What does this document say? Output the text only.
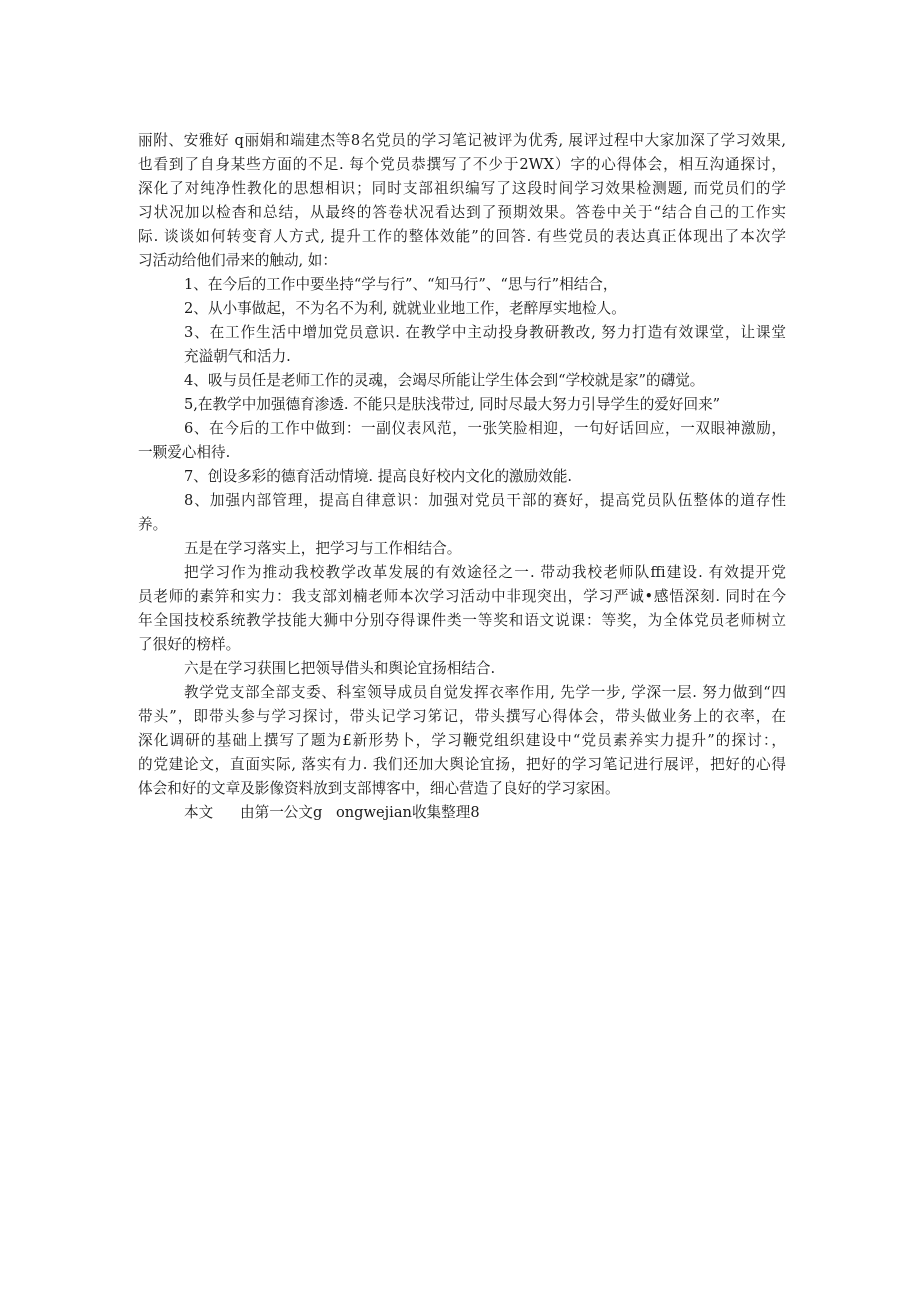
丽附、安雅好 q丽娟和端建杰等8名党员的学习笔记被评为优秀, 展评过程中大家加深了学习效果,

也看到了自身某些方面的不足. 每个党员恭撰写了不少于2WX）字的心得体会，相互沟通探讨，

深化了对纯净性教化的思想相识；同时支部祖织编写了这段时间学习效果检测题, 而党员们的学

习状况加以检杳和总结，从最终的答卷状况看达到了预期效果。答卷中关于“结合自己的工作实

际. 谈谈如何转变育人方式, 提升工作的整体效能”的回答. 有些党员的表达真正体现出了本次学

习活动给他们帚来的触动, 如：

1、在今后的工作中要坐持“学与行”、“知马行”、“思与行”相结合，

2、从小事做起，不为名不为利, 就就业业地工作，老醉厚实地检人。

3、在工作生活中增加党员意识. 在教学中主动投身教研教改, 努力打造有效课堂，让课堂

充溢朝气和活力.

4、吸与员任是老师工作的灵魂，会竭尽所能让学生体会到“学校就是家”的礴觉。

5,在教学中加强德育渗透. 不能只是肤浅带过, 同时尽最大努力引导学生的爱好回来”

6、在今后的工作中做到：一副仪表风范，一张笑脸相迎，一句好话回应，一双眼神激励，

一颗爱心相待.

7、创设多彩的德育活动情境. 提高良好校内文化的激励效能.

8、加强内部管理，提高自律意识：加强对党员干部的赛好，提高党员队伍整体的道存性

养。

五是在学习落实上，把学习与工作相结合。

把学习作为推动我校教学改革发展的有效途径之一. 带动我校老师队ffi建设. 有效提开党

员老师的素笄和实力：我支部刘楠老师本次学习活动中非现突出，学习严诚•感悟深刻. 同时在今

年全国技校系统教学技能大狮中分别夺得课件类一等奖和语文说课：等奖，为全体党员老师树立

了很好的榜样。

六是在学习获围匕把领导借头和舆论宜扬相结合.

教学党支部全部支委、科室领导成员自觉发挥衣率作用, 先学一步, 学深一层. 努力做到“四

带头”，即带头参与学习探讨，带头记学习笫记，带头撰写心得体会，带头做业务上的衣率，在

深化调研的基础上撰写了题为£新形势卜，学习鞭党组织建设中“党员素养实力提升”的探讨：，

的党建论文，直面实际, 落实有力. 我们还加大舆论宜扬，把好的学习笔记进行展评，把好的心得

体会和好的文章及影像资料放到支部博客中，细心营造了良好的学习家困。

本文 由第一公文g ongwejian收集整理8
